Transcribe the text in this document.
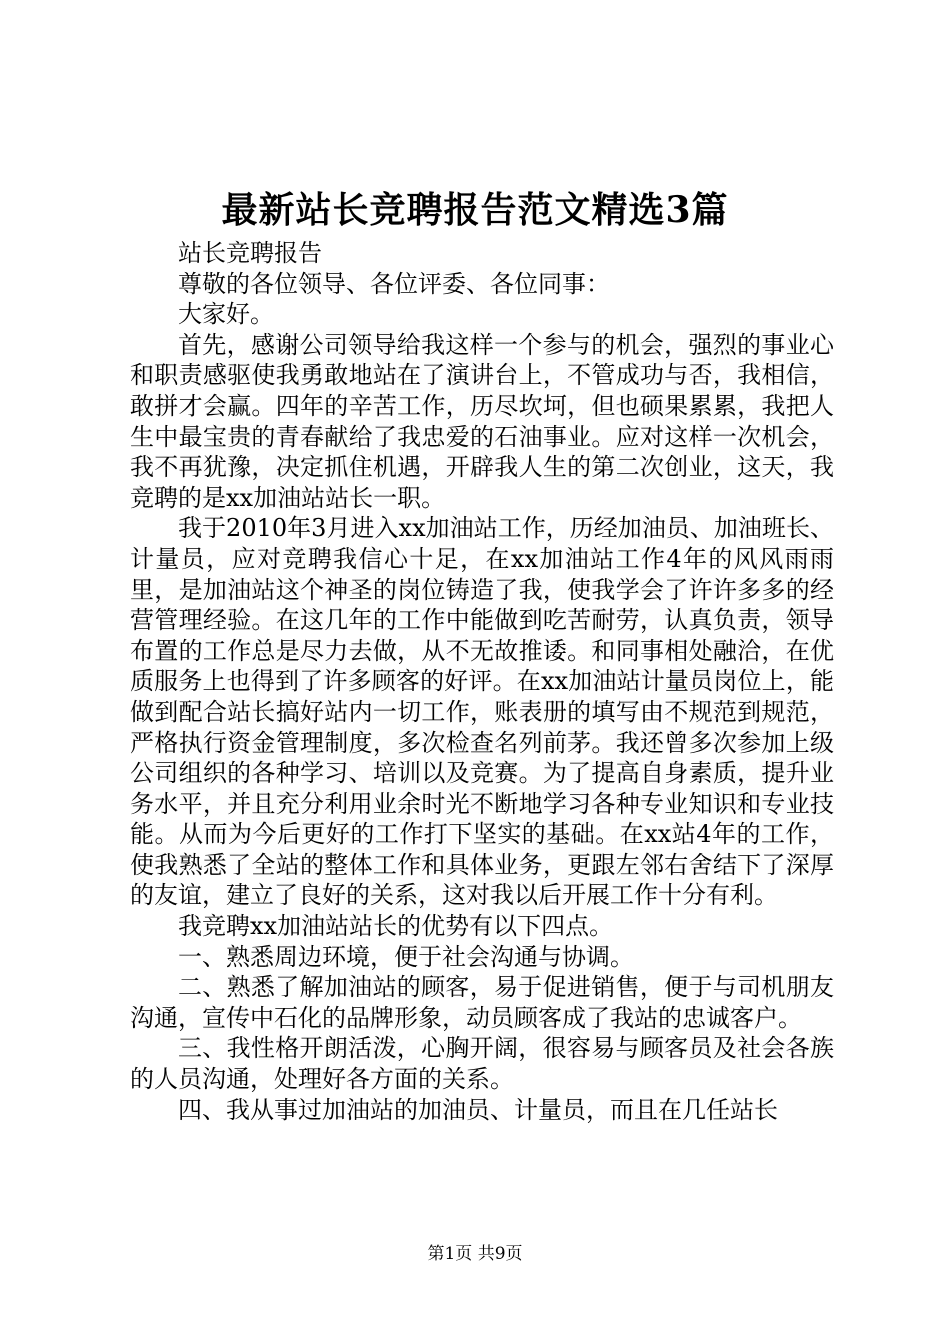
最新站长竞聘报告范文精选3篇

站长竞聘报告

尊敬的各位领导、各位评委、各位同事：

大家好。

首先，感谢公司领导给我这样一个参与的机会，强烈的事业心和职责感驱使我勇敢地站在了演讲台上，不管成功与否，我相信，敢拼才会赢。四年的辛苦工作，历尽坎坷，但也硕果累累，我把人生中最宝贵的青春献给了我忠爱的石油事业。应对这样一次机会，我不再犹豫，决定抓住机遇，开辟我人生的第二次创业，这天，我竞聘的是xx加油站站长一职。

我于2010年3月进入xx加油站工作，历经加油员、加油班长、计量员，应对竞聘我信心十足，在xx加油站工作4年的风风雨雨里，是加油站这个神圣的岗位铸造了我，使我学会了许许多多的经营管理经验。在这几年的工作中能做到吃苦耐劳，认真负责，领导布置的工作总是尽力去做，从不无故推诿。和同事相处融洽，在优质服务上也得到了许多顾客的好评。在xx加油站计量员岗位上，能做到配合站长搞好站内一切工作，账表册的填写由不规范到规范，严格执行资金管理制度，多次检查名列前茅。我还曾多次参加上级公司组织的各种学习、培训以及竞赛。为了提高自身素质，提升业务水平，并且充分利用业余时光不断地学习各种专业知识和专业技能。从而为今后更好的工作打下坚实的基础。在xx站4年的工作，使我熟悉了全站的整体工作和具体业务，更跟左邻右舍结下了深厚的友谊，建立了良好的关系，这对我以后开展工作十分有利。

我竞聘xx加油站站长的优势有以下四点。

一、熟悉周边环境，便于社会沟通与协调。

二、熟悉了解加油站的顾客，易于促进销售，便于与司机朋友沟通，宣传中石化的品牌形象，动员顾客成了我站的忠诚客户。

三、我性格开朗活泼，心胸开阔，很容易与顾客员及社会各族的人员沟通，处理好各方面的关系。

四、我从事过加油站的加油员、计量员，而且在几任站长

第1页 共9页
